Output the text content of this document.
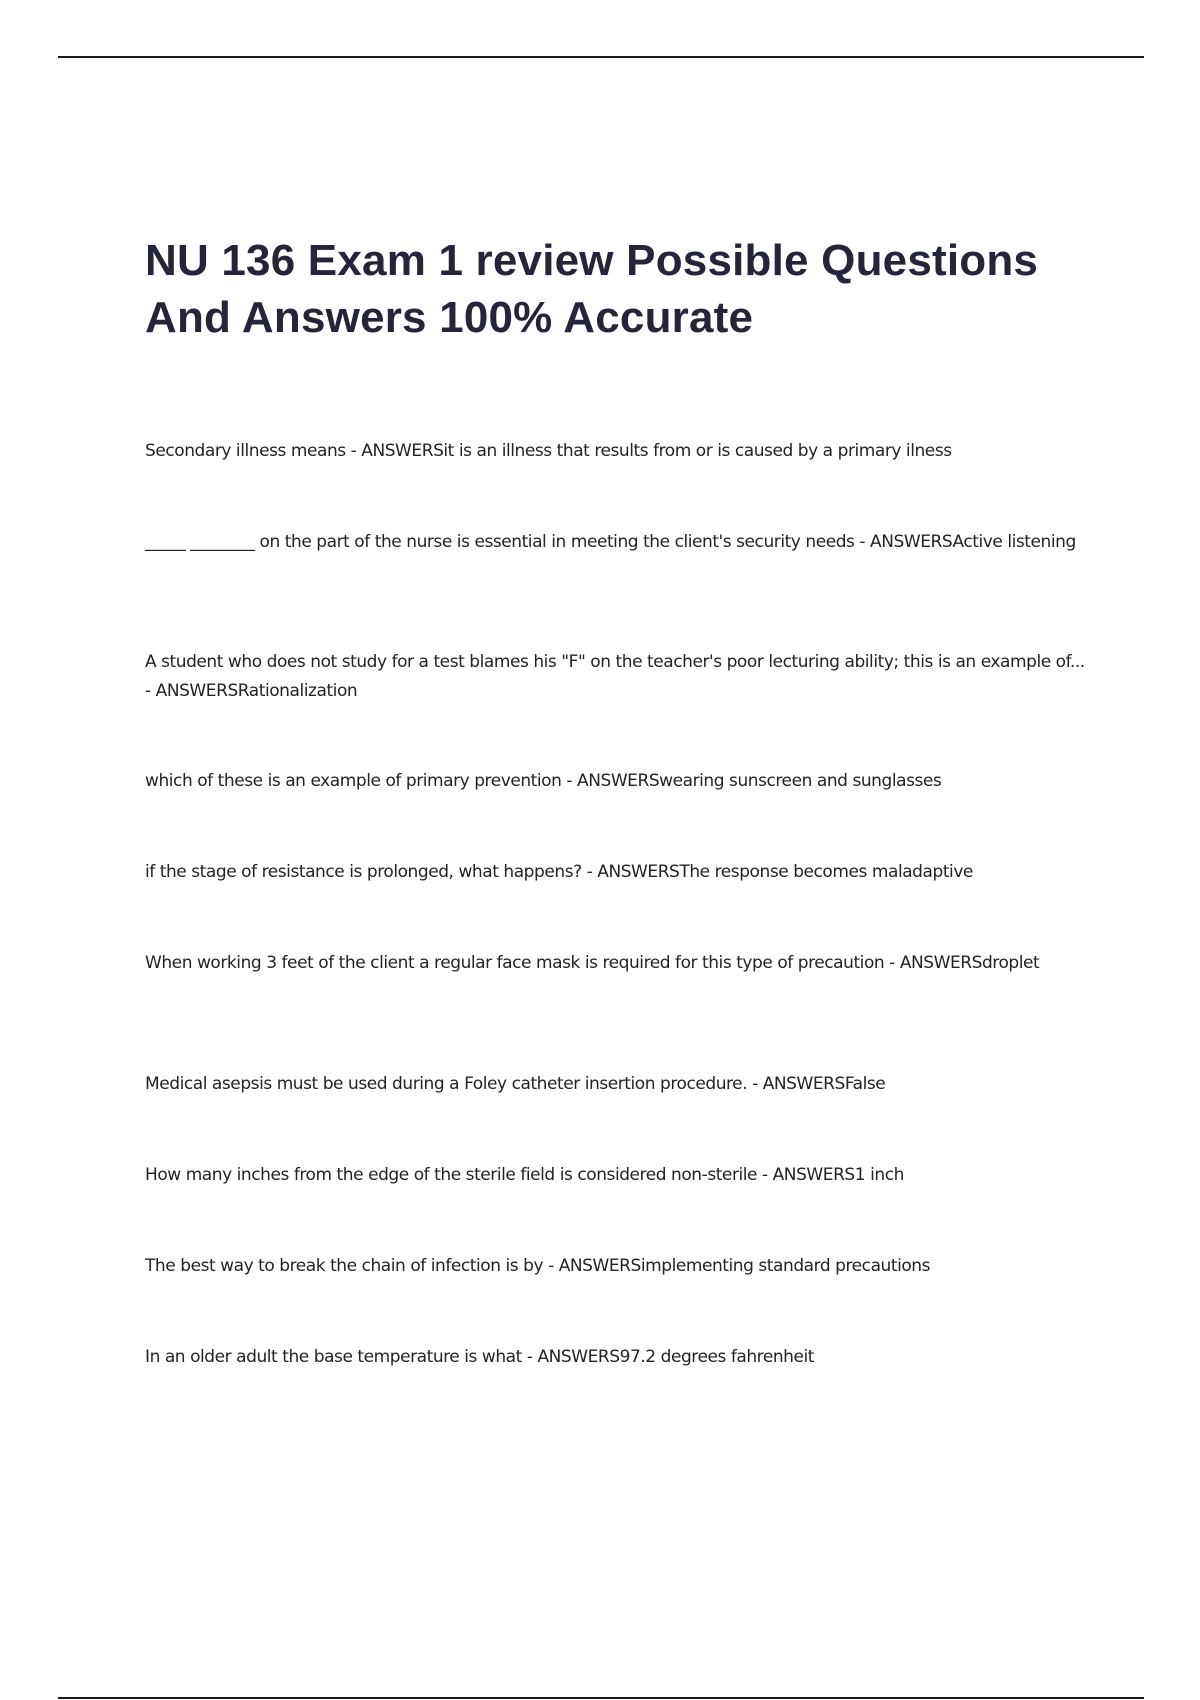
NU 136 Exam 1 review Possible Questions And Answers 100% Accurate

Secondary illness means - ANSWERSit is an illness that results from or is caused by a primary ilness

_____ ________ on the part of the nurse is essential in meeting the client's security needs - ANSWERSActive listening

A student who does not study for a test blames his "F" on the teacher's poor lecturing ability; this is an example of... - ANSWERSRationalization

which of these is an example of primary prevention - ANSWERSwearing sunscreen and sunglasses

if the stage of resistance is prolonged, what happens? - ANSWERSThe response becomes maladaptive

When working 3 feet of the client a regular face mask is required for this type of precaution - ANSWERSdroplet

Medical asepsis must be used during a Foley catheter insertion procedure. - ANSWERSFalse

How many inches from the edge of the sterile field is considered non-sterile - ANSWERS1 inch

The best way to break the chain of infection is by - ANSWERSimplementing standard precautions

In an older adult the base temperature is what - ANSWERS97.2 degrees fahrenheit
